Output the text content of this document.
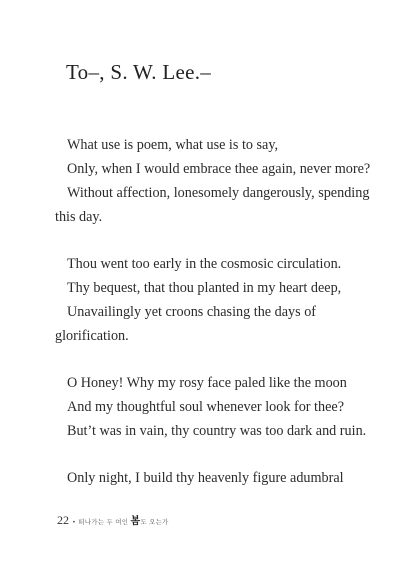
To–, S. W. Lee.–
What use is poem, what use is to say,
Only, when I would embrace thee again, never more?
Without affection, lonesomely dangerously, spending
this day.
Thou went too early in the cosmosic circulation.
Thy bequest, that thou planted in my heart deep,
Unavailingly yet croons chasing the days of
glorification.
O Honey! Why my rosy face paled like the moon
And my thoughtful soul whenever look for thee?
But’t was in vain, thy country was too dark and ruin.
Only night, I build thy heavenly figure adumbral
22 • 떠나가는 두 여인 봄도 오는가
